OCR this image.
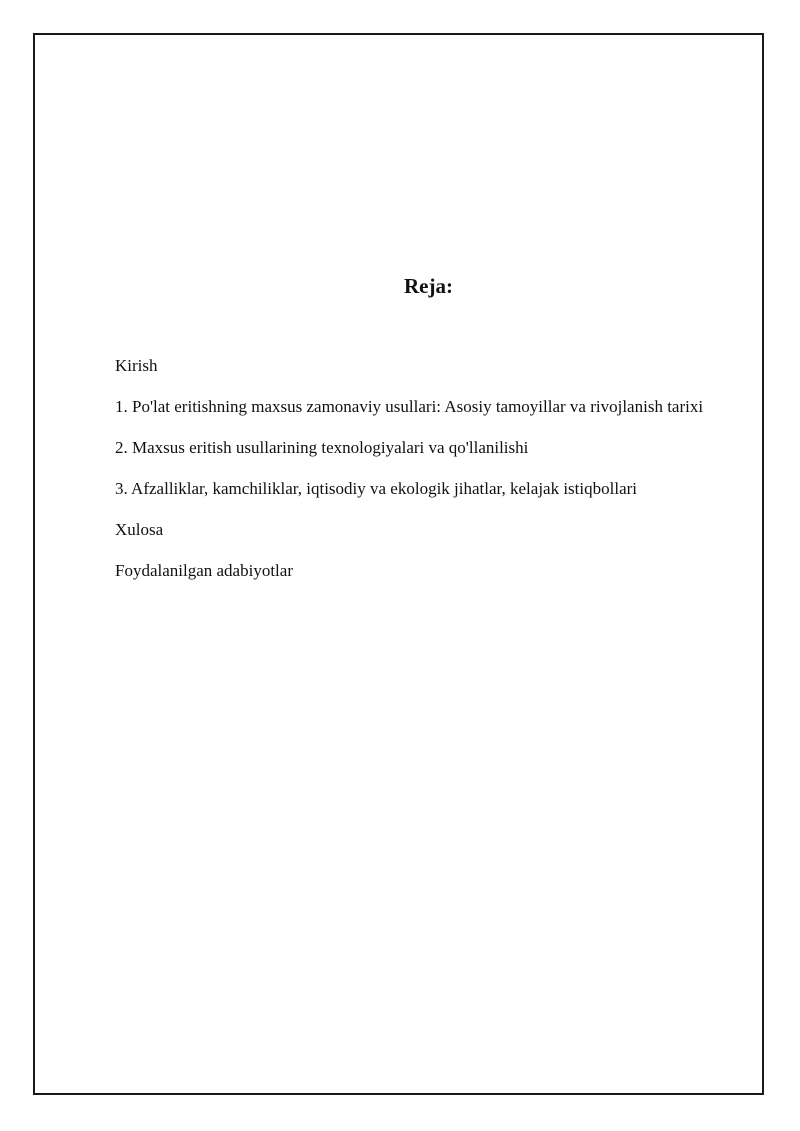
Reja:
Kirish
1. Po'lat eritishning maxsus zamonaviy usullari: Asosiy tamoyillar va rivojlanish tarixi
2. Maxsus eritish usullarining texnologiyalari va qo'llanilishi
3. Afzalliklar, kamchiliklar, iqtisodiy va ekologik jihatlar, kelajak istiqbollari
Xulosa
Foydalanilgan adabiyotlar
